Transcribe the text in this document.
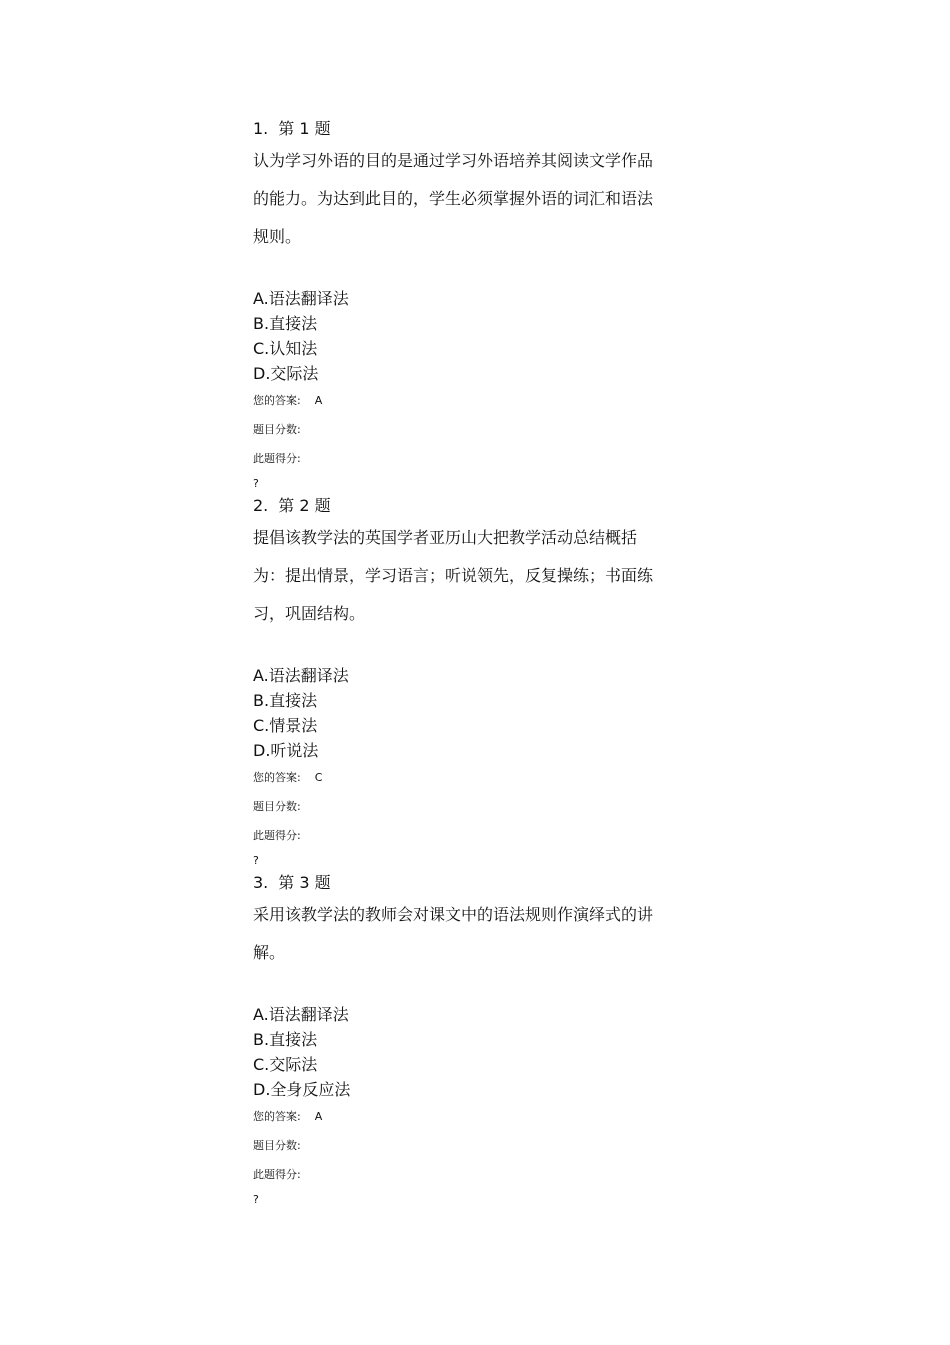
1. 第 1 题
认为学习外语的目的是通过学习外语培养其阅读文学作品的能力。为达到此目的，学生必须掌握外语的词汇和语法规则。
A.语法翻译法
B.直接法
C.认知法
D.交际法
您的答案: A
题目分数:
此题得分:
?
2. 第 2 题
提倡该教学法的英国学者亚历山大把教学活动总结概括为：提出情景，学习语言；听说领先，反复操练；书面练习，巩固结构。
A.语法翻译法
B.直接法
C.情景法
D.听说法
您的答案: C
题目分数:
此题得分:
?
3. 第 3 题
采用该教学法的教师会对课文中的语法规则作演绎式的讲解。
A.语法翻译法
B.直接法
C.交际法
D.全身反应法
您的答案: A
题目分数:
此题得分:
?
